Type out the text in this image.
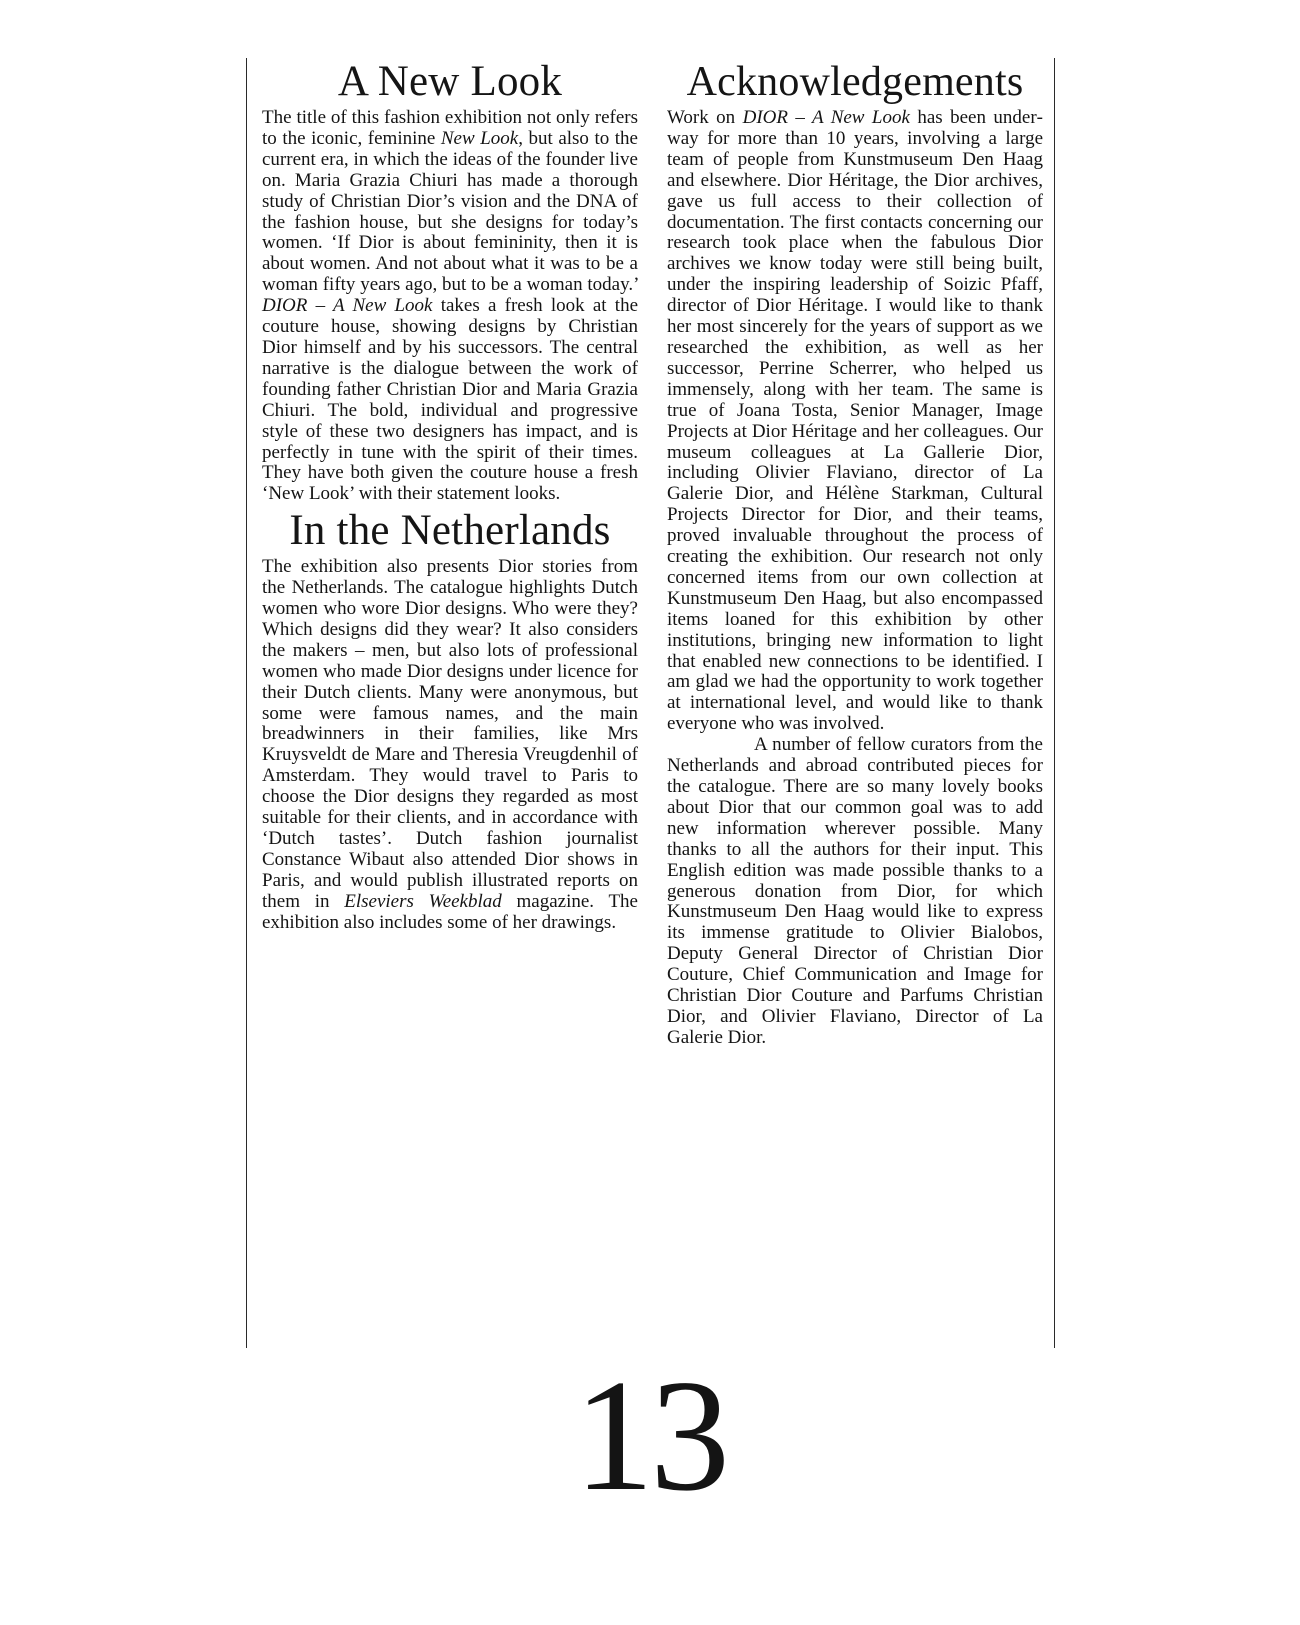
A New Look

The title of this fashion exhibition not only refers to the iconic, feminine New Look, but also to the current era, in which the ideas of the founder live on. Maria Grazia Chiuri has made a thorough study of Christian Dior’s vision and the DNA of the fashion house, but she designs for today’s women. ‘If Dior is about femininity, then it is about women. And not about what it was to be a woman fifty years ago, but to be a woman today.’ DIOR – A New Look takes a fresh look at the couture house, showing designs by Christian Dior himself and by his successors. The central narrative is the dialogue between the work of founding father Christian Dior and Maria Grazia Chiuri. The bold, individual and progressive style of these two designers has impact, and is perfectly in tune with the spirit of their times. They have both given the couture house a fresh ‘New Look’ with their statement looks.

In the Netherlands

The exhibition also presents Dior stories from the Netherlands. The catalogue highlights Dutch women who wore Dior designs. Who were they? Which designs did they wear? It also considers the makers – men, but also lots of professional women who made Dior designs under licence for their Dutch clients. Many were anonymous, but some were famous names, and the main breadwinners in their families, like Mrs Kruysveldt de Mare and Theresia Vreugdenhil of Amsterdam. They would travel to Paris to choose the Dior designs they regarded as most suitable for their clients, and in accordance with ‘Dutch tastes’. Dutch fashion journalist Constance Wibaut also attended Dior shows in Paris, and would publish illustrated reports on them in Elseviers Weekblad magazine. The exhibition also includes some of her drawings.

Acknowledgements

Work on DIOR – A New Look has been underway for more than 10 years, involving a large team of people from Kunstmuseum Den Haag and elsewhere. Dior Héritage, the Dior archives, gave us full access to their collection of documentation. The first contacts concerning our research took place when the fabulous Dior archives we know today were still being built, under the inspiring leadership of Soizic Pfaff, director of Dior Héritage. I would like to thank her most sincerely for the years of support as we researched the exhibition, as well as her successor, Perrine Scherrer, who helped us immensely, along with her team. The same is true of Joana Tosta, Senior Manager, Image Projects at Dior Héritage and her colleagues. Our museum colleagues at La Gallerie Dior, including Olivier Flaviano, director of La Galerie Dior, and Hélène Starkman, Cultural Projects Director for Dior, and their teams, proved invaluable throughout the process of creating the exhibition. Our research not only concerned items from our own collection at Kunstmuseum Den Haag, but also encompassed items loaned for this exhibition by other institutions, bringing new information to light that enabled new connections to be identified. I am glad we had the opportunity to work together at international level, and would like to thank everyone who was involved.

A number of fellow curators from the Netherlands and abroad contributed pieces for the catalogue. There are so many lovely books about Dior that our common goal was to add new information wherever possible. Many thanks to all the authors for their input. This English edition was made possible thanks to a generous donation from Dior, for which Kunstmuseum Den Haag would like to express its immense gratitude to Olivier Bialobos, Deputy General Director of Christian Dior Couture, Chief Communication and Image for Christian Dior Couture and Parfums Christian Dior, and Olivier Flaviano, Director of La Galerie Dior.

13
